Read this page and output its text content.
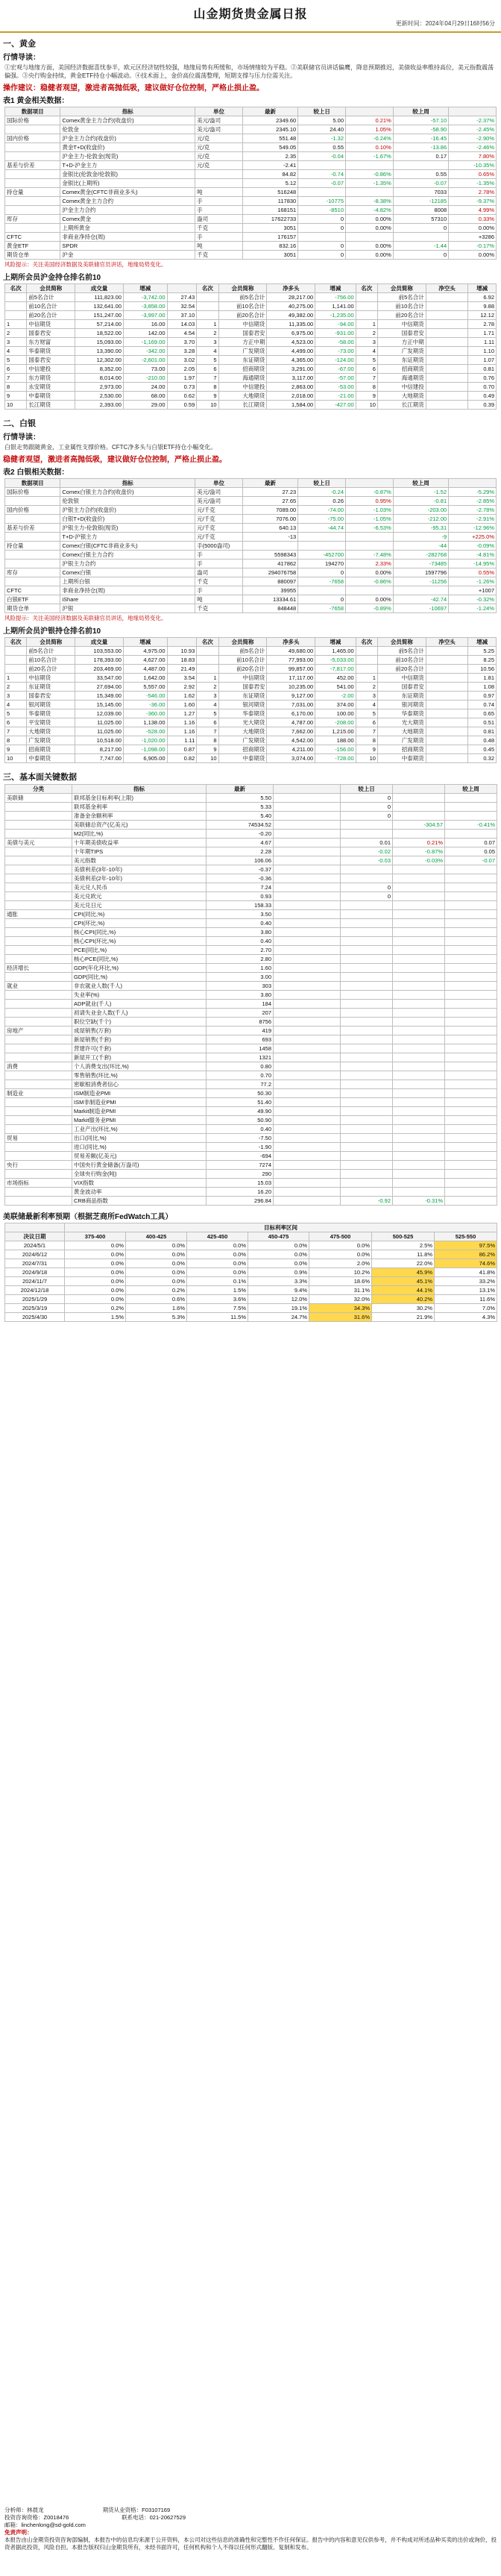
山金期货贵金属日报
更新时间：2024年04月29日16时56分
一、黄金
行情导读：
①宏观与地缘方面，美国经济数据喜忧参半，欧元区经济韧性较强，地缘局势有所缓和，市场情绪较为平稳。②美联储官员讲话偏鹰，降息预期推迟，美债收益率维持高位，美元指数震荡偏强。③央行购金持续，黄金ETF持仓小幅波动。④技术面上，金价高位震荡整理，短期支撑与压力位需关注。
操作建议：稳健者观望，激进者高抛低吸，建议做好仓位控制，严格止损止盈。
表1 黄金相关数据：
数据项目	指标	单位	最新	较上日		较上周	
国际价格	Comex黄金主力合约(收盘价)	美元/盎司	2349.60	5.00	0.21%	-57.10	-2.37%
	伦敦金	美元/盎司	2345.10	24.40	1.05%	-58.90	-2.45%
国内价格	沪金主力合约(收盘价)	元/克	551.48	-1.32	-0.24%	-16.45	-2.90%
	黄金T+D(收盘价)	元/克	549.05	0.55	0.10%	-13.86	-2.46%
	沪金主力-伦敦金(现货)	元/克	2.35	-0.04	-1.67%	0.17	7.80%
基差与价差	T+D-沪金主力	元/克	-2.41				-10.35%
	金银比(伦敦金/伦敦银)		84.82	-0.74	-0.86%	0.55	0.65%
	金银比(上期所)		5.12	-0.07	-1.35%	-0.07	-1.35%
持仓量	Comex黄金(CFTC非商业多头)	吨	516248			7033	2.78%
	Comex黄金主力合约	手	117830	-10775	-8.38%	-12185	-9.37%
	沪金主力合约	手	168151	-8510	-4.82%	8008	4.99%
库存	Comex黄金	盎司	17622733	0	0.00%	57310	0.33%
	上期所黄金	千克	3051	0	0.00%	0	0.00%
CFTC	非商业净持仓(周)	手	176157				+3286
黄金ETF	SPDR	吨	832.16	0	0.00%	-1.44	-0.17%
期货仓单	沪金	千克	3051	0	0.00%	0	0.00%
风险提示：关注美国经济数据及美联储官员讲话，地缘局势变化。
上期所会员沪金持仓排名前10
名次	会员简称	成交量	增减		名次	会员简称	净多头	增减	名次	会员简称	净空头	增减
	前5名合计	111,823.00	-3,742.00	27.43		前5名合计	28,217.00	-756.00		前5名合计		6.92
	前10名合计	132,641.00	-3,858.00	32.54		前10名合计	40,275.00	1,141.00		前10名合计		9.88
	前20名合计	151,247.00	-3,997.00	37.10		前20名合计	49,382.00	-1,235.00		前20名合计		12.12
1	中信期货	57,214.00	16.00	14.03	1	中信期货	11,335.00	-94.00	1	中信期货		2.78
2	国泰君安	18,522.00	142.00	4.54	2	国泰君安	6,975.00	-931.00	2	国泰君安		1.71
3	东方财富	15,093.00	-1,169.00	3.70	3	方正中期	4,523.00	-58.00	3	方正中期		1.11
4	华泰期货	13,390.00	-342.00	3.28	4	广发期货	4,499.00	-73.00	4	广发期货		1.10
5	国泰君安	12,302.00	-2,601.00	3.02	5	东证期货	4,365.00	-124.00	5	东证期货		1.07
6	中信建投	8,352.00	73.00	2.05	6	招商期货	3,291.00	-67.00	6	招商期货		0.81
7	东方期货	8,014.00	-210.00	1.97	7	海通期货	3,117.00	-57.00	7	海通期货		0.76
8	永安期货	2,973.00	24.00	0.73	8	中信建投	2,863.00	-53.00	8	中信建投		0.70
9	中泰期货	2,530.00	68.00	0.62	9	大地期货	2,018.00	-21.00	9	大地期货		0.49
10	长江期货	2,393.00	29.00	0.59	10	长江期货	1,584.00	-427.00	10	长江期货		0.39
二、白银
行情导读：
白银走势跟随黄金，工业属性支撑价格。CFTC净多头与白银ETF持仓小幅变化。
稳健者观望，激进者高抛低吸，建议做好仓位控制，严格止损止盈。
表2 白银相关数据：
数据项目	指标	单位	最新	较上日		较上周	
国际价格	Comex白银主力合约(收盘价)	美元/盎司	27.23	-0.24	-0.87%	-1.52	-5.29%
	伦敦银	美元/盎司	27.65	0.26	0.95%	-0.81	-2.85%
国内价格	沪银主力合约(收盘价)	元/千克	7089.00	-74.00	-1.03%	-203.00	-2.78%
	白银T+D(收盘价)	元/千克	7076.00	-75.00	-1.05%	-212.00	-2.91%
基差与价差	沪银主力-伦敦银(现货)	元/千克	640.13	-44.74	-6.53%	-95.31	-12.96%
	T+D-沪银主力	元/千克	-13			-9	+225.0%
持仓量	Comex白银(CFTC非商业多头)	手(5000盎司)				-44	-0.09%
	Comex白银主力合约	手	5598343	-452700	-7.48%	-282768	-4.81%
	沪银主力合约	手	417862	194270	2.33%	-73485	-14.95%
库存	Comex白银	盎司	294076758	0	0.00%	1597796	0.55%
	上期所白银	千克	880097	-7658	-0.86%	-11256	-1.26%
CFTC	非商业净持仓(周)	手	39955				+1007
白银ETF	iShare	吨	13334.61	0	0.00%	-42.74	-0.32%
期货仓单	沪银	千克	848448	-7658	-0.89%	-10697	-1.24%
风险提示：关注美国经济数据及美联储官员讲话，地缘局势变化。
上期所会员沪银持仓排名前10
名次	会员简称	成交量	增减		名次	会员简称	净多头	增减	名次	会员简称	净空头	增减
	前5名合计	103,553.00	4,975.00	10.93		前5名合计	49,680.00	1,465.00		前5名合计		5.25
	前10名合计	178,393.00	4,627.00	18.83		前10名合计	77,993.00	-5,033.00		前10名合计		8.25
	前20名合计	203,469.00	4,487.00	21.49		前20名合计	99,857.00	-7,817.00		前20名合计		10.56
1	中信期货	33,547.00	1,642.00	3.54	1	中信期货	17,117.00	452.00	1	中信期货		1.81
2	东证期货	27,694.00	5,557.00	2.92	2	国泰君安	10,235.00	541.00	2	国泰君安		1.08
3	国泰君安	15,349.00	-546.00	1.62	3	东证期货	9,127.00	-2.00	3	东证期货		0.97
4	银河期货	15,145.00	-36.00	1.60	4	银河期货	7,031.00	374.00	4	银河期货		0.74
5	华泰期货	12,039.00	-360.00	1.27	5	华泰期货	6,170.00	100.00	5	华泰期货		0.65
6	平安期货	11,025.00	1,138.00	1.16	6	光大期货	4,787.00	-208.00	6	光大期货		0.51
7	大地期货	11,025.00	-528.00	1.16	7	大地期货	7,662.00	1,215.00	7	大地期货		0.81
8	广发期货	10,518.00	-1,020.00	1.11	8	广发期货	4,542.00	188.00	8	广发期货		0.48
9	招商期货	8,217.00	-1,098.00	0.87	9	招商期货	4,211.00	-156.00	9	招商期货		0.45
10	中泰期货	7,747.00	6,905.00	0.82	10	中泰期货	3,074.00	-728.00	10	中泰期货		0.32
三、基本面关键数据
分类	指标	最新		较上日		较上周
美联储	联邦基金目标利率(上限)	5.50		0		
	联邦基金利率	5.33		0		
	准备金余额利率	5.40		0		
	美联储总资产(亿美元)	74534.52			-304.57	-0.41%
	M2(同比,%)	-0.20				
美债与美元	十年期美债收益率	4.67		0.01	0.21%	0.07
	十年期TIPS	2.28		-0.02	-0.87%	0.05
	美元指数	106.06		-0.03	-0.03%	-0.07
	美债利差(3年-10年)	-0.37				
	美债利差(2年-10年)	-0.36				
	美元兑人民币	7.24		0		
	美元兑欧元	0.93		0		
	美元兑日元	158.33				
通胀	CPI(同比,%)	3.50				
	CPI(环比,%)	0.40				
	核心CPI(同比,%)	3.80				
	核心CPI(环比,%)	0.40				
	PCE(同比,%)	2.70				
	核心PCE(同比,%)	2.80				
经济增长	GDP(年化环比,%)	1.60				
	GDP(同比,%)	3.00				
就业	非农就业人数(千人)	303				
	失业率(%)	3.80				
	ADP就业(千人)	184				
	初请失业金人数(千人)	207				
	职位空缺(千个)	8756				
房地产	成屋销售(万套)	419				
	新屋销售(千套)	693				
	营建许可(千套)	1458				
	新屋开工(千套)	1321				
消费	个人消费支出(环比,%)	0.80				
	零售销售(环比,%)	0.70				
	密歇根消费者信心	77.2				
制造业	ISM制造业PMI	50.30				
	ISM非制造业PMI	51.40				
	Markit制造业PMI	49.90				
	Markit服务业PMI	50.90				
	工业产出(环比,%)	0.40				
贸易	出口(同比,%)	-7.50				
	进口(同比,%)	-1.90				
	贸易差额(亿美元)	-694				
央行	中国央行黄金储备(万盎司)	7274				
	全球央行购金(吨)	290				
市场指标	VIX指数	15.03				
	黄金波动率	16.20				
	CRB商品指数	296.84		-0.92	-0.31%	
美联储最新利率预期（根据芝商所FedWatch工具）
	目标利率区间						
决议日期	375-400	400-425	425-450	450-475	475-500	500-525	525-550
2024/5/1	0.0%	0.0%	0.0%	0.0%	0.0%	2.5%	97.5%
2024/6/12	0.0%	0.0%	0.0%	0.0%	0.0%	11.8%	86.2%
2024/7/31	0.0%	0.0%	0.0%	0.0%	2.0%	22.0%	74.6%
2024/9/18	0.0%	0.0%	0.0%	0.9%	10.2%	45.9%	41.8%
2024/11/7	0.0%	0.0%	0.1%	3.3%	18.6%	45.1%	33.2%
2024/12/18	0.0%	0.2%	1.5%	9.4%	31.1%	44.1%	13.1%
2025/1/29	0.0%	0.6%	3.6%	12.0%	32.0%	40.2%	11.6%
2025/3/19	0.2%	1.6%	7.5%	19.1%	34.3%	30.2%	7.0%
2025/4/30	1.5%	5.3%	11.5%	24.7%	31.6%	21.9%	4.3%
分析师：林晨龙	期货从业资格：F03107169
投资咨询资格：Z0018476	联系电话：021-20627529
邮箱：linchenlong@sd-gold.com
免责声明：
本报告由山金期货投资咨询部编制，本报告中的信息均来源于公开资料，本公司对这些信息的准确性和完整性不作任何保证。报告中的内容和意见仅供参考，并不构成对所述品种买卖的出价或询价，投资者据此投资，风险自担。本报告版权归山金期货所有，未经书面许可，任何机构和个人不得以任何形式翻版、复制和发布。
